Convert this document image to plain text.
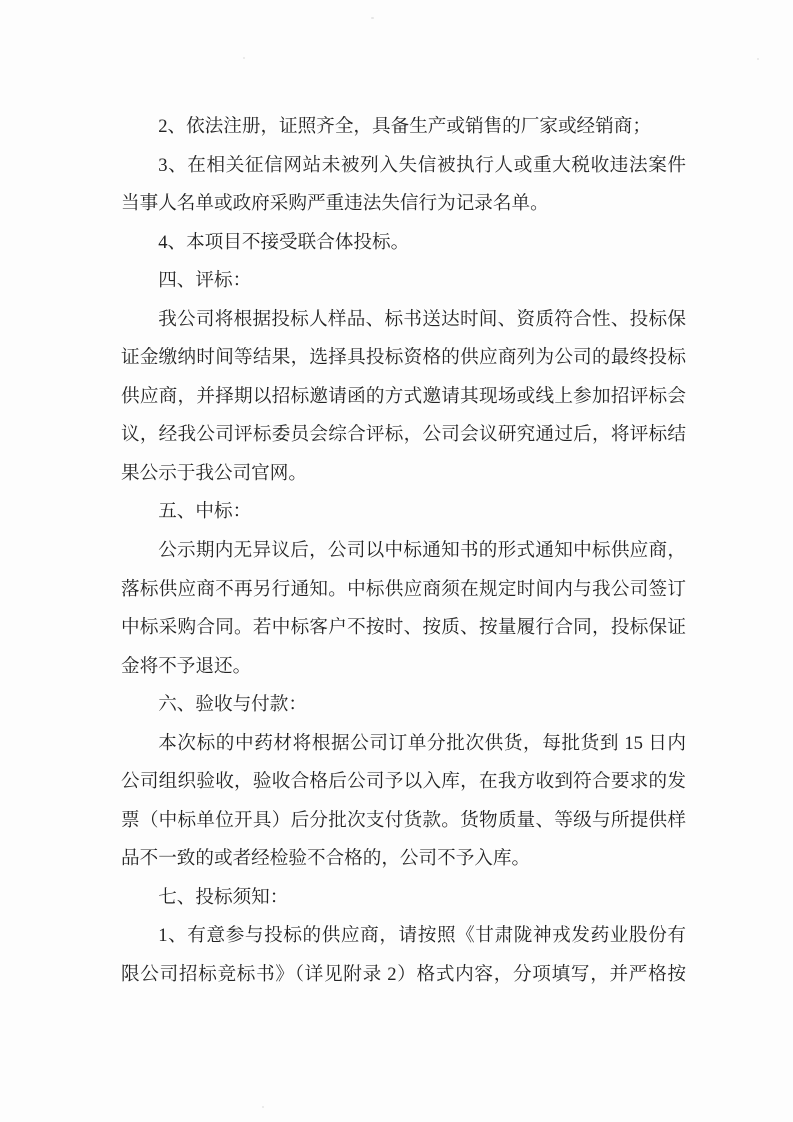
2、依法注册，证照齐全，具备生产或销售的厂家或经销商；
3、在相关征信网站未被列入失信被执行人或重大税收违法案件
当事人名单或政府采购严重违法失信行为记录名单。
4、本项目不接受联合体投标。
四、评标：
我公司将根据投标人样品、标书送达时间、资质符合性、投标保
证金缴纳时间等结果，选择具投标资格的供应商列为公司的最终投标
供应商，并择期以招标邀请函的方式邀请其现场或线上参加招评标会
议，经我公司评标委员会综合评标，公司会议研究通过后，将评标结
果公示于我公司官网。
五、中标：
公示期内无异议后，公司以中标通知书的形式通知中标供应商，
落标供应商不再另行通知。中标供应商须在规定时间内与我公司签订
中标采购合同。若中标客户不按时、按质、按量履行合同，投标保证
金将不予退还。
六、验收与付款：
本次标的中药材将根据公司订单分批次供货，每批货到 15 日内
公司组织验收，验收合格后公司予以入库，在我方收到符合要求的发
票（中标单位开具）后分批次支付货款。货物质量、等级与所提供样
品不一致的或者经检验不合格的，公司不予入库。
七、投标须知：
1、有意参与投标的供应商，请按照《甘肃陇神戎发药业股份有
限公司招标竞标书》（详见附录 2）格式内容，分项填写，并严格按
